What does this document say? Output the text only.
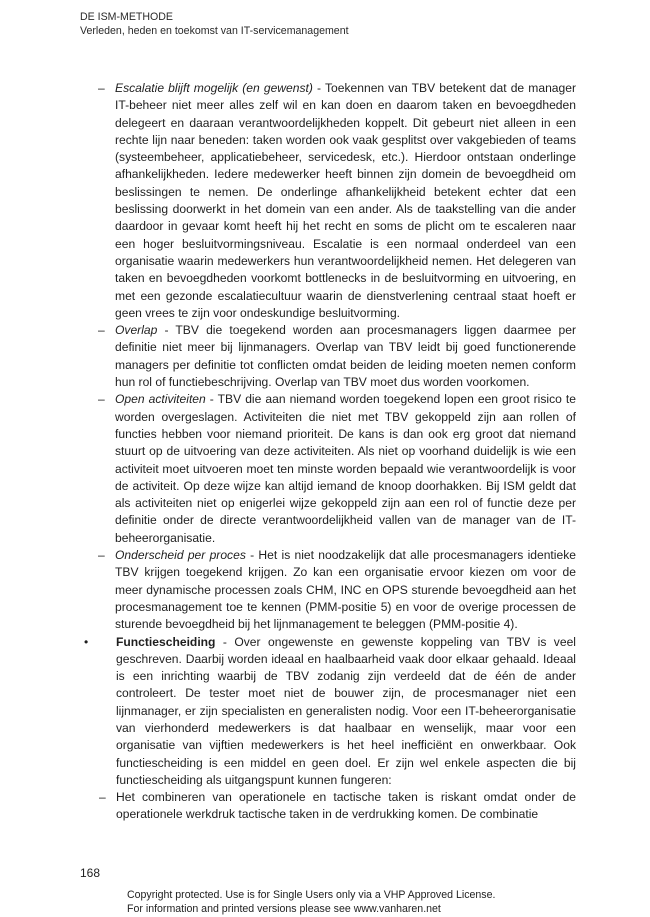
DE ISM-METHODE
Verleden, heden en toekomst van IT-servicemanagement
– Escalatie blijft mogelijk (en gewenst) - Toekennen van TBV betekent dat de manager IT-beheer niet meer alles zelf wil en kan doen en daarom taken en bevoegdheden delegeert en daaraan verantwoordelijkheden koppelt. Dit gebeurt niet alleen in een rechte lijn naar beneden: taken worden ook vaak gesplitst over vakgebieden of teams (systeembeheer, applicatiebeheer, servicedesk, etc.). Hierdoor ontstaan onderlinge afhankelijkheden. Iedere medewerker heeft binnen zijn domein de bevoegdheid om beslissingen te nemen. De onderlinge afhankelijkheid betekent echter dat een beslissing doorwerkt in het domein van een ander. Als de taakstelling van die ander daardoor in gevaar komt heeft hij het recht en soms de plicht om te escaleren naar een hoger besluitvormingsniveau. Escalatie is een normaal onderdeel van een organisatie waarin medewerkers hun verantwoordelijkheid nemen. Het delegeren van taken en bevoegdheden voorkomt bottlenecks in de besluitvorming en uitvoering, en met een gezonde escalatiecultuur waarin de dienstverlening centraal staat hoeft er geen vrees te zijn voor ondeskundige besluitvorming.
– Overlap - TBV die toegekend worden aan procesmanagers liggen daarmee per definitie niet meer bij lijnmanagers. Overlap van TBV leidt bij goed functionerende managers per definitie tot conflicten omdat beiden de leiding moeten nemen conform hun rol of functiebeschrijving. Overlap van TBV moet dus worden voorkomen.
– Open activiteiten - TBV die aan niemand worden toegekend lopen een groot risico te worden overgeslagen. Activiteiten die niet met TBV gekoppeld zijn aan rollen of functies hebben voor niemand prioriteit. De kans is dan ook erg groot dat niemand stuurt op de uitvoering van deze activiteiten. Als niet op voorhand duidelijk is wie een activiteit moet uitvoeren moet ten minste worden bepaald wie verantwoordelijk is voor de activiteit. Op deze wijze kan altijd iemand de knoop doorhakken. Bij ISM geldt dat als activiteiten niet op enigerlei wijze gekoppeld zijn aan een rol of functie deze per definitie onder de directe verantwoordelijkheid vallen van de manager van de IT-beheerorganisatie.
– Onderscheid per proces - Het is niet noodzakelijk dat alle procesmanagers identieke TBV krijgen toegekend krijgen. Zo kan een organisatie ervoor kiezen om voor de meer dynamische processen zoals CHM, INC en OPS sturende bevoegdheid aan het procesmanagement toe te kennen (PMM-positie 5) en voor de overige processen de sturende bevoegdheid bij het lijnmanagement te beleggen (PMM-positie 4).
• Functiescheiding - Over ongewenste en gewenste koppeling van TBV is veel geschreven. Daarbij worden ideaal en haalbaarheid vaak door elkaar gehaald. Ideaal is een inrichting waarbij de TBV zodanig zijn verdeeld dat de één de ander controleert. De tester moet niet de bouwer zijn, de procesmanager niet een lijnmanager, er zijn specialisten en generalisten nodig. Voor een IT-beheerorganisatie van vierhonderd medewerkers is dat haalbaar en wenselijk, maar voor een organisatie van vijftien medewerkers is het heel inefficiënt en onwerkbaar. Ook functiescheiding is een middel en geen doel. Er zijn wel enkele aspecten die bij functiescheiding als uitgangspunt kunnen fungeren:
– Het combineren van operationele en tactische taken is riskant omdat onder de operationele werkdruk tactische taken in de verdrukking komen. De combinatie
168
Copyright protected. Use is for Single Users only via a VHP Approved License.
For information and printed versions please see www.vanharen.net
